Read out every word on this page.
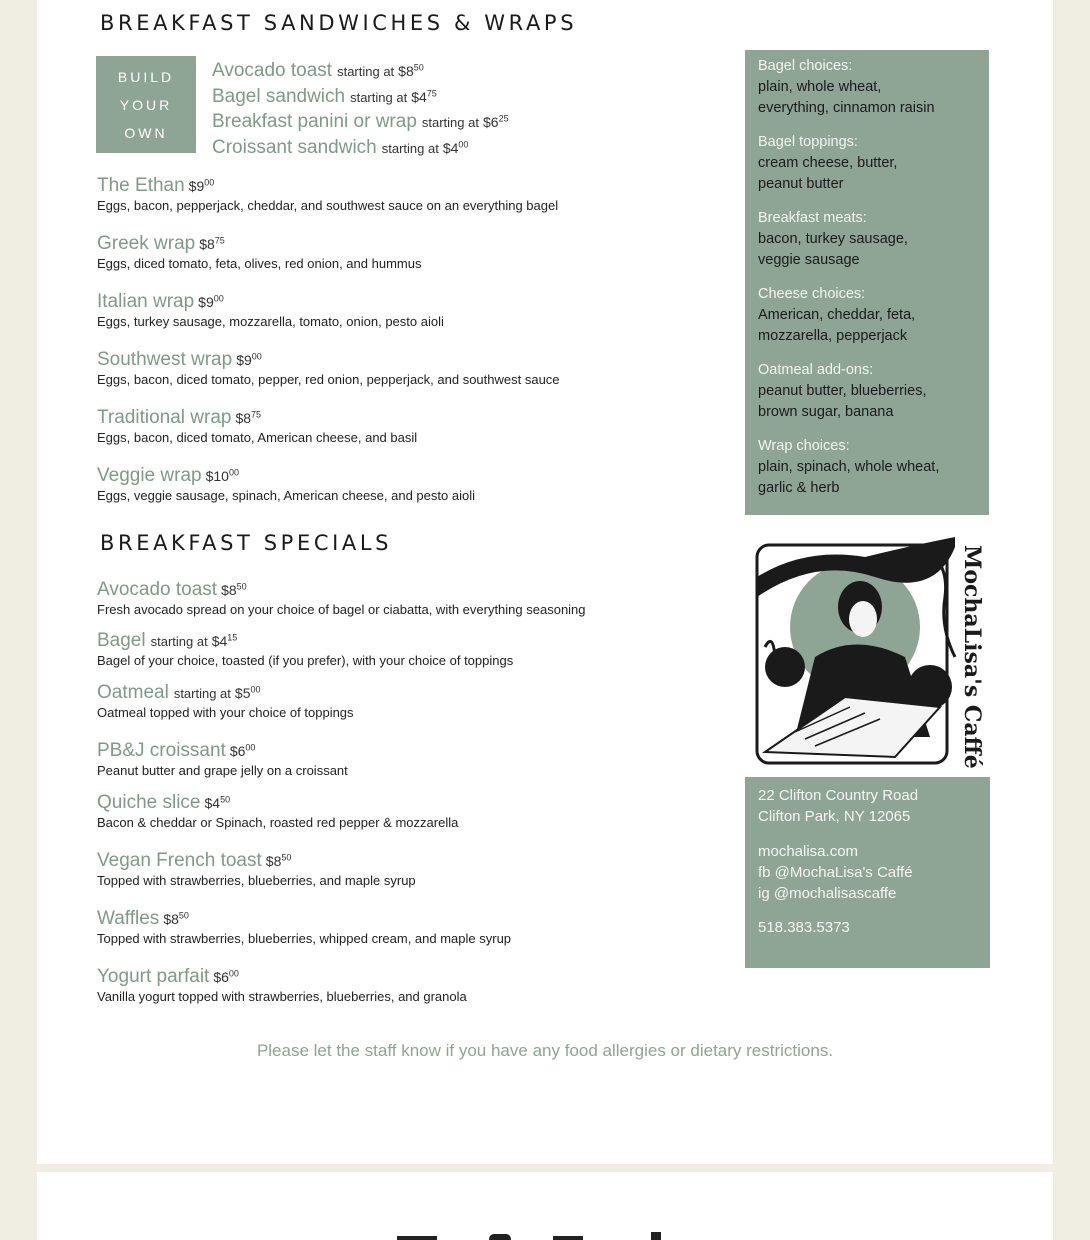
BREAKFAST SANDWICHES & WRAPS
BUILD
YOUR
OWN
Avocado toast starting at $\$8^{50}$
Bagel sandwich starting at $\$4^{75}$
Breakfast panini or wrap starting at $\$6^{25}$
Croissant sandwich starting at $\$4^{00}$
The Ethan $\$9^{00}$
Eggs, bacon, pepperjack, cheddar, and southwest sauce on an everything bagel
Greek wrap $\$8^{75}$
Eggs, diced tomato, feta, olives, red onion, and hummus
Italian wrap $\$9^{00}$
Eggs, turkey sausage, mozzarella, tomato, onion, pesto aioli
Southwest wrap $\$9^{00}$
Eggs, bacon, diced tomato, pepper, red onion, pepperjack, and southwest sauce
Traditional wrap $\$8^{75}$
Eggs, bacon, diced tomato, American cheese, and basil
Veggie wrap $\$10^{00}$
Eggs, veggie sausage, spinach, American cheese, and pesto aioli
Bagel choices:
plain, whole wheat,
everything, cinnamon raisin
Bagel toppings:
cream cheese, butter,
peanut butter
Breakfast meats:
bacon, turkey sausage,
veggie sausage
Cheese choices:
American, cheddar, feta,
mozzarella, pepperjack
Oatmeal add-ons:
peanut butter, blueberries,
brown sugar, banana
Wrap choices:
plain, spinach, whole wheat,
garlic & herb
BREAKFAST SPECIALS
Avocado toast $\$8^{50}$
Fresh avocado spread on your choice of bagel or ciabatta, with everything seasoning
Bagel starting at $\$4^{15}$
Bagel of your choice, toasted (if you prefer), with your choice of toppings
Oatmeal starting at $\$5^{00}$
Oatmeal topped with your choice of toppings
PB&J croissant $\$6^{00}$
Peanut butter and grape jelly on a croissant
Quiche slice $\$4^{50}$
Bacon & cheddar or Spinach, roasted red pepper & mozzarella
Vegan French toast $\$8^{50}$
Topped with strawberries, blueberries, and maple syrup
Waffles $\$8^{50}$
Topped with strawberries, blueberries, whipped cream, and maple syrup
Yogurt parfait $\$6^{00}$
Vanilla yogurt topped with strawberries, blueberries, and granola
MochaLisa's Caffé
22 Clifton Country Road
Clifton Park, NY 12065
mochalisa.com
fb @MochaLisa's Caffé
ig @mochalisascaffe
518.383.5373
Please let the staff know if you have any food allergies or dietary restrictions.
